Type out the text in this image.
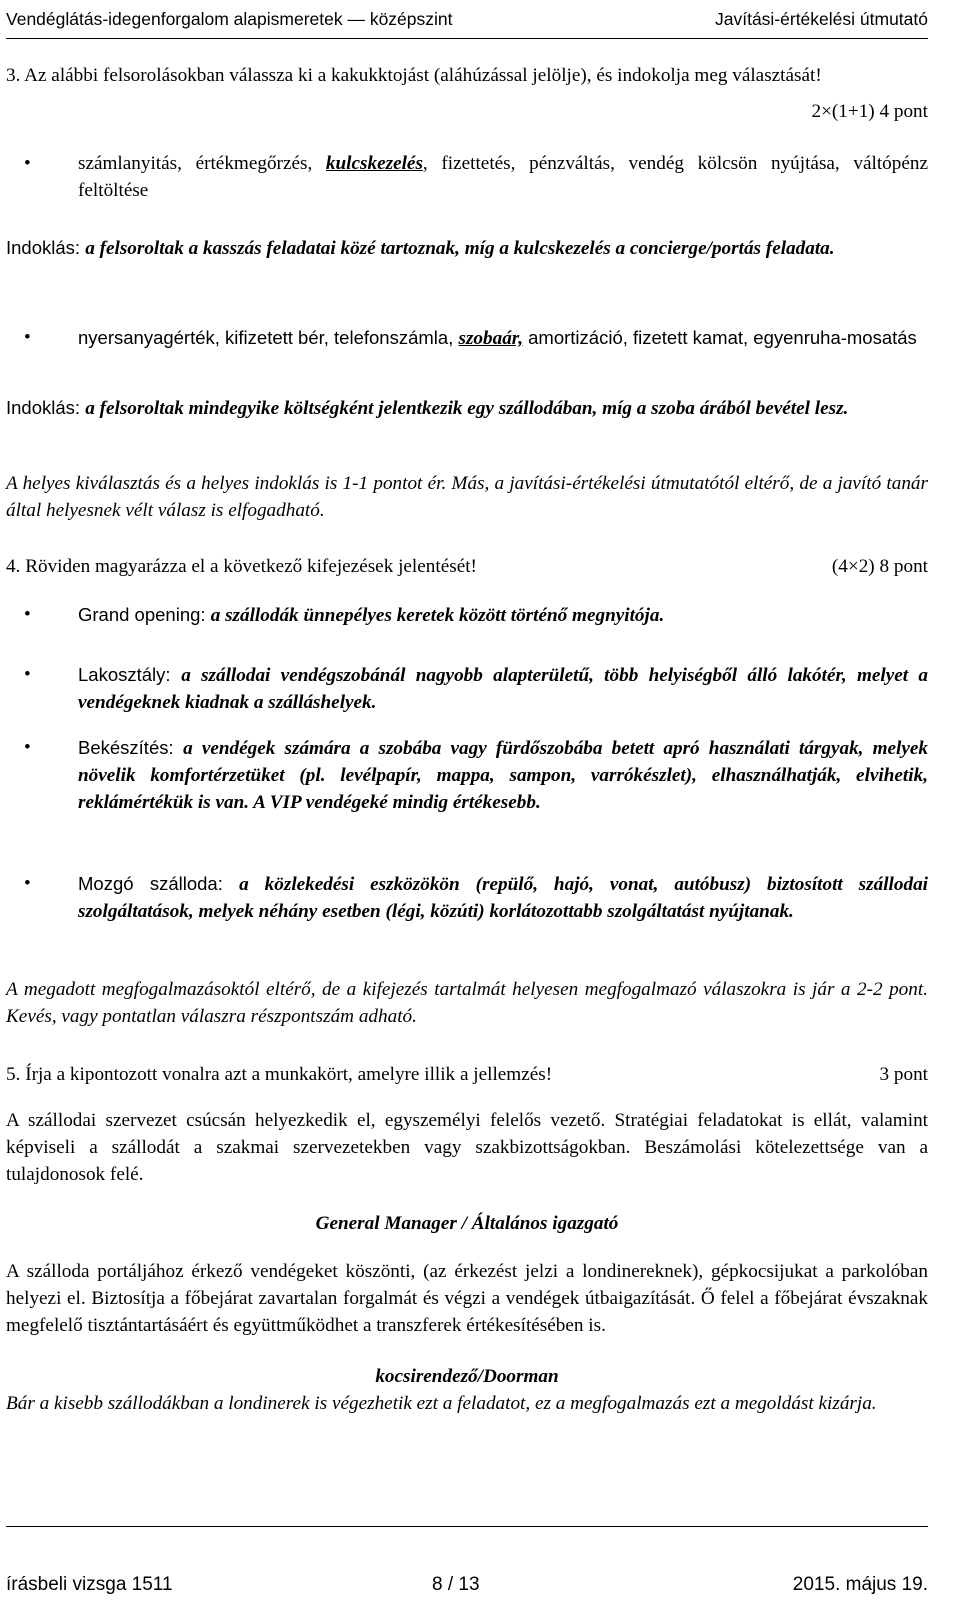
Vendéglátás-idegenforgalom alapismeretek — középszint	Javítási-értékelési útmutató
3. Az alábbi felsorolásokban válassza ki a kakukktojást (aláhúzással jelölje), és indokolja meg választását!
2×(1+1) 4 pont
• számlanyitás, értékmegőrzés, kulcskezelés, fizettetés, pénzváltás, vendég kölcsön nyújtása, váltópénz feltöltése
Indoklás: a felsoroltak a kasszás feladatai közé tartoznak, míg a kulcskezelés a concierge/portás feladata.
•	nyersanyagérték, kifizetett bér, telefonszámla, szobaár, amortizáció, fizetett kamat, egyenruha-mosatás
Indoklás: a felsoroltak mindegyike költségként jelentkezik egy szállodában, míg a szoba árából bevétel lesz.
A helyes kiválasztás és a helyes indoklás is 1-1 pontot ér. Más, a javítási-értékelési útmutatótól eltérő, de a javító tanár által helyesnek vélt válasz is elfogadható.
4. Röviden magyarázza el a következő kifejezések jelentését!	(4×2) 8 pont
•	Grand opening: a szállodák ünnepélyes keretek között történő megnyitója.
•	Lakosztály: a szállodai vendégszobánál nagyobb alapterületű, több helyiségből álló lakótér, melyet a vendégeknek kiadnak a szálláshelyek.
•	Bekészítés: a vendégek számára a szobába vagy fürdőszobába betett apró használati tárgyak, melyek növelik komfortérzetüket (pl. levélpapír, mappa, sampon, varrókészlet), elhasználhatják, elvihetik, reklámértékük is van. A VIP vendégeké mindig értékesebb.
•	Mozgó szálloda: a közlekedési eszközökön (repülő, hajó, vonat, autóbusz) biztosított szállodai szolgáltatások, melyek néhány esetben (légi, közúti) korlátozottabb szolgáltatást nyújtanak.
A megadott megfogalmazásoktól eltérő, de a kifejezés tartalmát helyesen megfogalmazó válaszokra is jár a 2-2 pont. Kevés, vagy pontatlan válaszra részpontszám adható.
5. Írja a kipontozott vonalra azt a munkakört, amelyre illik a jellemzés!	3 pont
A szállodai szervezet csúcsán helyezkedik el, egyszemélyi felelős vezető. Stratégiai feladatokat is ellát, valamint képviseli a szállodát a szakmai szervezetekben vagy szakbizottságokban. Beszámolási kötelezettsége van a tulajdonosok felé.
General Manager / Általános igazgató
A szálloda portáljához érkező vendégeket köszönti, (az érkezést jelzi a londinereknek), gépkocsijukat a parkolóban helyezi el. Biztosítja a főbejárat zavartalan forgalmát és végzi a vendégek útbaigazítását. Ő felel a főbejárat évszaknak megfelelő tisztántartásáért és együttműködhet a transzferek értékesítésében is.
kocsirendező/Doorman
Bár a kisebb szállodákban a londinerek is végezhetik ezt a feladatot, ez a megfogalmazás ezt a megoldást kizárja.
írásbeli vizsga 1511	8 / 13	2015. május 19.
